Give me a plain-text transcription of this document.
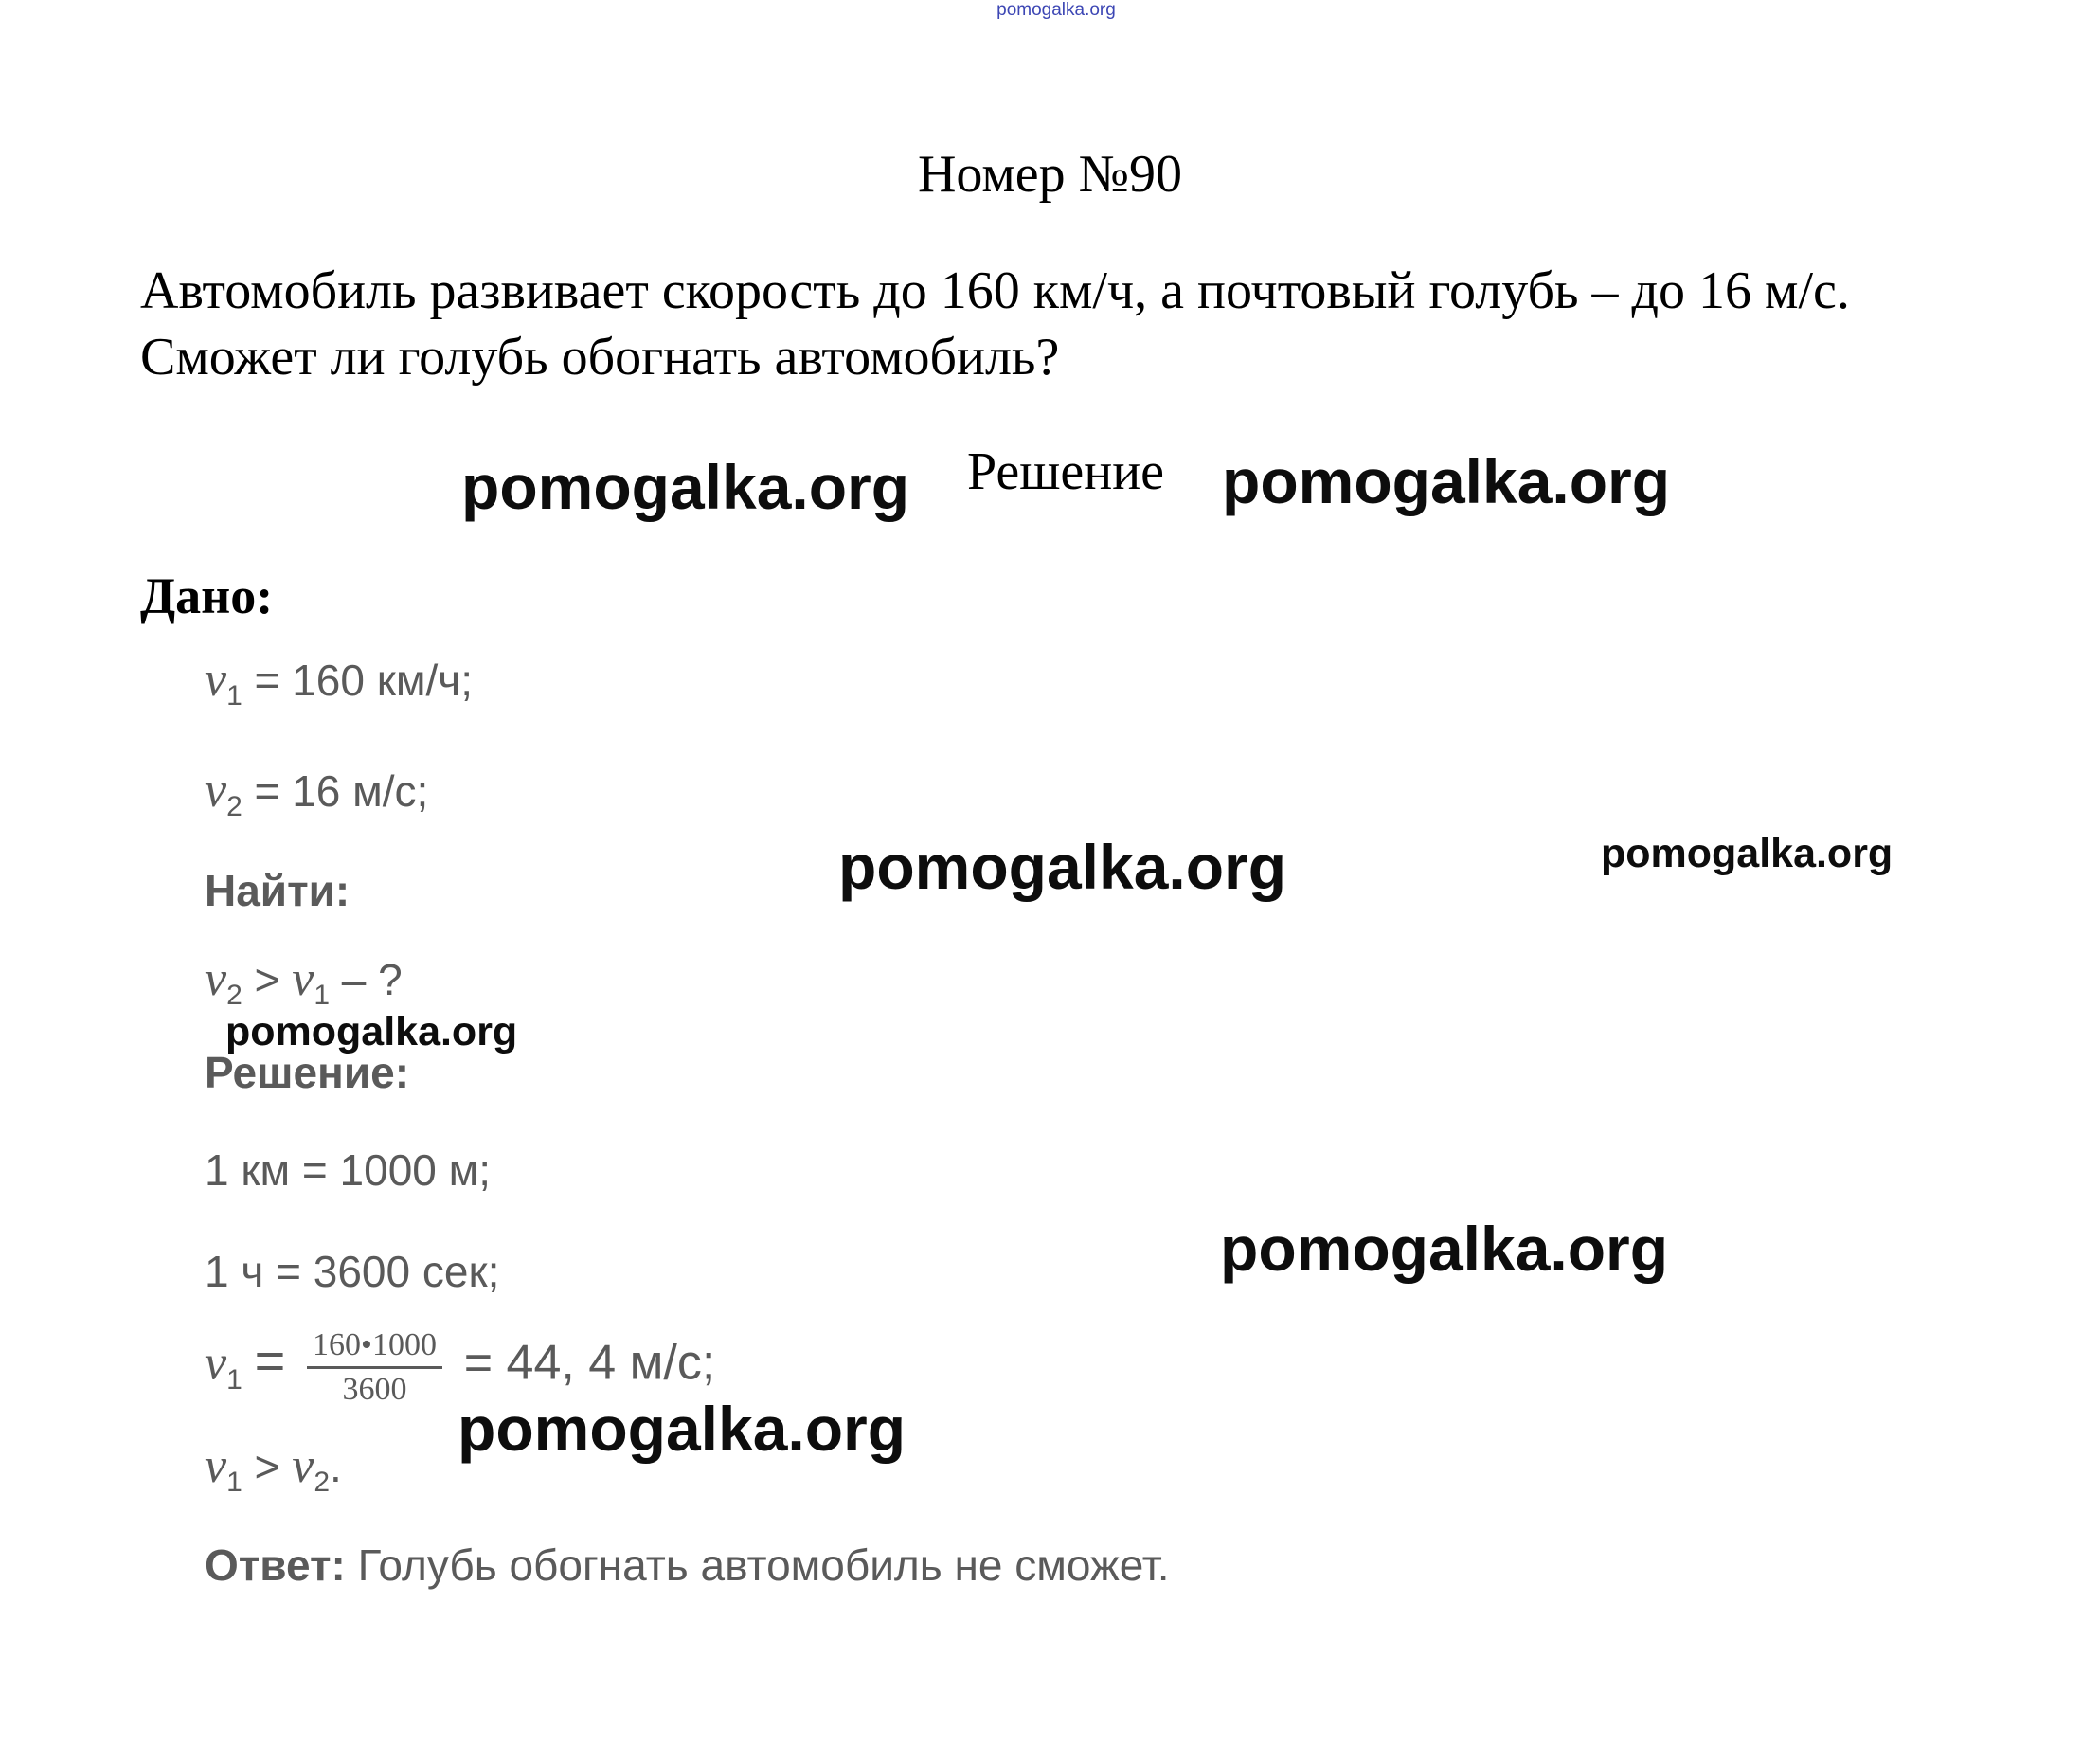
pomogalka.org
Номер №90
Автомобиль развивает скорость до 160 км/ч, а почтовый голубь – до 16 м/с.
Сможет ли голубь обогнать автомобиль?
pomogalka.org	Решение pomogalka.org
Дано:
$v_1 = 160$ км/ч;
$v_2 = 16$ м/с;
Найти:	pomogalka.org	pomogalka.org
$v_2 > v_1$ – ?
pomogalka.org
Решение:
1 км = 1000 м;
1 ч = 3600 сек;	pomogalka.org
$v_1 = \frac{160•1000}{3600} = 44$, 4 м/с;
pomogalka.org
$v_1 > v_2$.
Ответ: Голубь обогнать автомобиль не сможет.
